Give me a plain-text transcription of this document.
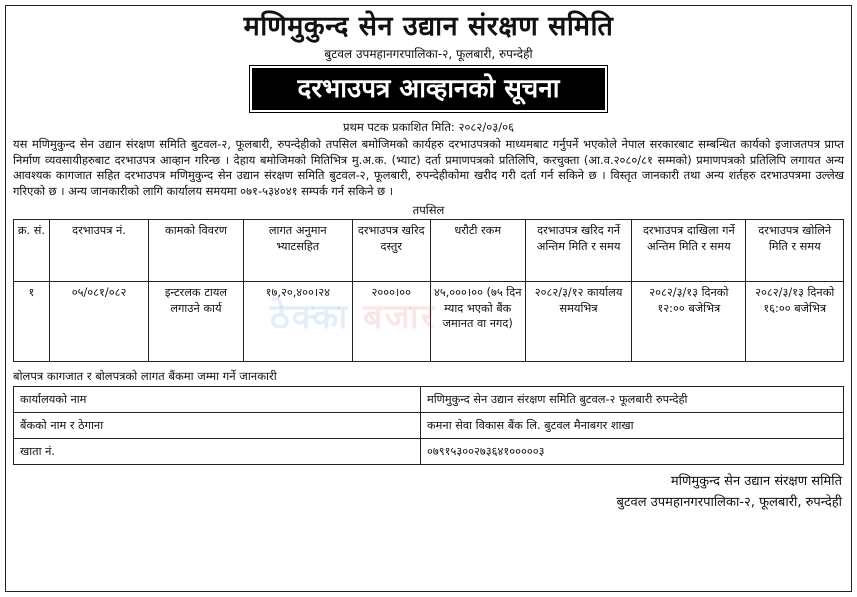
मणिमुकुन्द सेन उद्यान संरक्षण समिति
बुटवल उपमहानगरपालिका-२, फूलबारी, रुपन्देही
दरभाउपत्र आव्हानको सूचना
प्रथम पटक प्रकाशित मिति: २०८२/०३/०६
यस मणिमुकुन्द सेन उद्यान संरक्षण समिति बुटवल-२, फूलबारी, रुपन्देहीको तपसिल बमोजिमको कार्यहरु दरभाउपत्रको माध्यमबाट गर्नुपर्ने भएकोले नेपाल सरकारबाट सम्बन्धित कार्यको इजाजतपत्र प्राप्त निर्माण व्यवसायीहरुबाट दरभाउपत्र आव्हान गरिन्छ । देहाय बमोजिमको मितिभित्र मु.अ.क. (भ्याट) दर्ता प्रमाणपत्रको प्रतिलिपि, करचुक्ता (आ.व.२०८०/८१ सम्मको) प्रमाणपत्रको प्रतिलिपि लगायत अन्य आवश्यक कागजात सहित दरभाउपत्र मणिमुकुन्द सेन उद्यान संरक्षण समिति बुटवल-२, फूलबारी, रुपन्देहीकोमा खरीद गरी दर्ता गर्न सकिने छ । विस्तृत जानकारी तथा अन्य शर्तहरु दरभाउपत्रमा उल्लेख गरिएको छ । अन्य जानकारीको लागि कार्यालय समयमा ०७१-५३४०४१ सम्पर्क गर्न सकिने छ ।
तपसिल
क्र. सं.	दरभाउपत्र नं.	कामको विवरण	लागत अनुमान भ्याटसहित	दरभाउपत्र खरिद दस्तुर	धरौटी रकम	दरभाउपत्र खरिद गर्ने अन्तिम मिति र समय	दरभाउपत्र दाखिला गर्ने अन्तिम मिति र समय	दरभाउपत्र खोलिने मिति र समय
१	०५/०८१/०८२	इन्टरलक टायल लगाउने कार्य	१७,२०,४००।२४	२०००।००	४५,०००।०० (७५ दिन म्याद भएको बैंक जमानत वा नगद)	२०८२/३/१२ कार्यालय समयभित्र	२०८२/३/१३ दिनको १२:०० बजेभित्र	२०८२/३/१३ दिनको १६:०० बजेभित्र
बोलपत्र कागजात र बोलपत्रको लागत बैंकमा जम्मा गर्ने जानकारी
कार्यालयको नाम	मणिमुकुन्द सेन उद्यान संरक्षण समिति बुटवल-२ फूलबारी रुपन्देही
बैंकको नाम र ठेगाना	कमना सेवा विकास बैंक लि. बुटवल मैनाबगर शाखा
खाता नं.	०७९१५३००२७३६४१०००००३
मणिमुकुन्द सेन उद्यान संरक्षण समिति
बुटवल उपमहानगरपालिका-२, फूलबारी, रुपन्देही
ठेक्का बजार
